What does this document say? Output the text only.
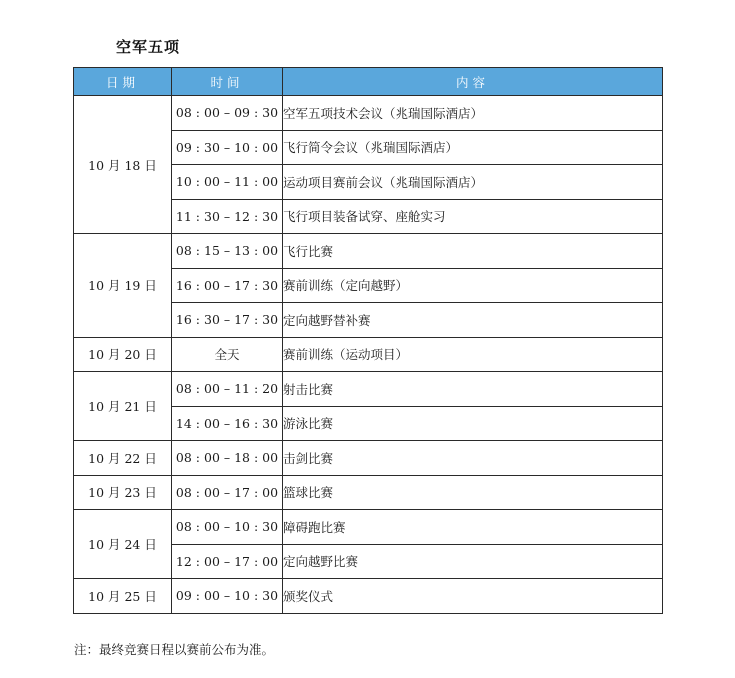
空军五项
日期	时间	内容
10 月 18 日	08 : 00 – 09 : 30	空军五项技术会议（兆瑞国际酒店）
	09 : 30 – 10 : 00	飞行简令会议（兆瑞国际酒店）
	10 : 00 – 11 : 00	运动项目赛前会议（兆瑞国际酒店）
	11 : 30 – 12 : 30	飞行项目装备试穿、座舱实习
10 月 19 日	08 : 15 – 13 : 00	飞行比赛
	16 : 00 – 17 : 30	赛前训练（定向越野）
	16 : 30 – 17 : 30	定向越野替补赛
10 月 20 日	全天	赛前训练（运动项目）
10 月 21 日	08 : 00 – 11 : 20	射击比赛
	14 : 00 – 16 : 30	游泳比赛
10 月 22 日	08 : 00 – 18 : 00	击剑比赛
10 月 23 日	08 : 00 – 17 : 00	篮球比赛
10 月 24 日	08 : 00 – 10 : 30	障碍跑比赛
	12 : 00 – 17 : 00	定向越野比赛
10 月 25 日	09 : 00 – 10 : 30	颁奖仪式
注：最终竞赛日程以赛前公布为准。
